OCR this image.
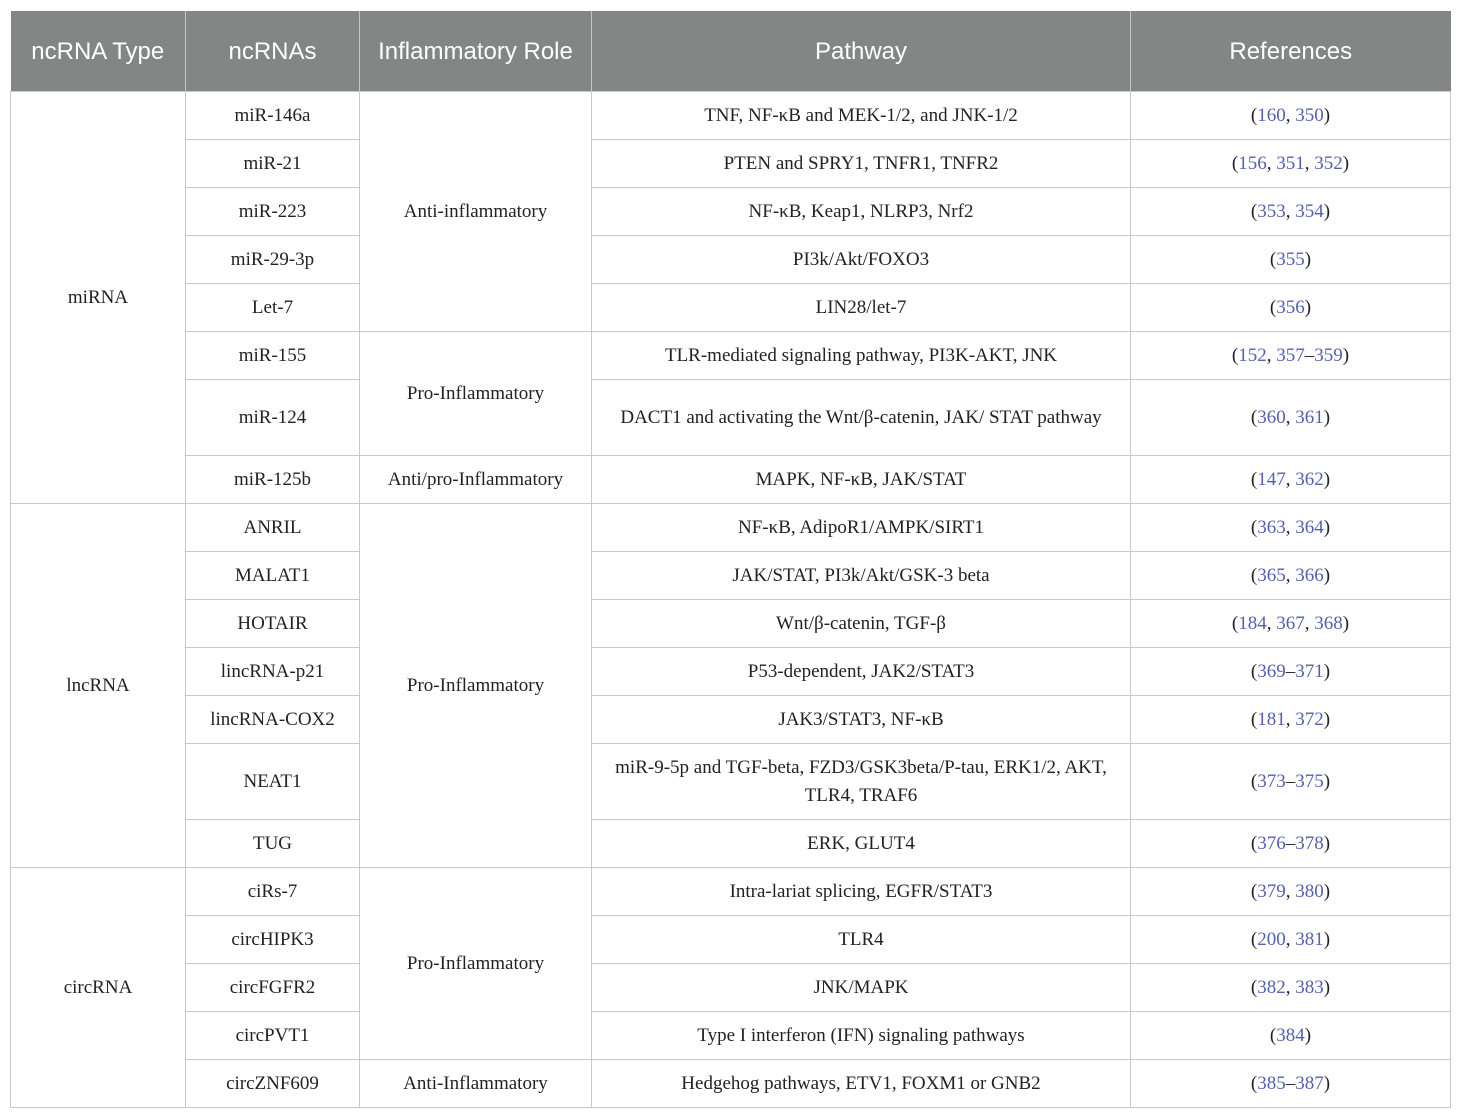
ncRNA Type	ncRNAs	Inflammatory Role	Pathway	References
miRNA	miR-146a	Anti-inflammatory	TNF, NF-κB and MEK-1/2, and JNK-1/2	(160, 350)
	miR-21		PTEN and SPRY1, TNFR1, TNFR2	(156, 351, 352)
	miR-223		NF-κB, Keap1, NLRP3, Nrf2	(353, 354)
	miR-29-3p		PI3k/Akt/FOXO3	(355)
	Let-7		LIN28/let-7	(356)
	miR-155	Pro-Inflammatory	TLR-mediated signaling pathway, PI3K-AKT, JNK	(152, 357–359)
	miR-124		DACT1 and activating the Wnt/β-catenin, JAK/ STAT pathway	(360, 361)
	miR-125b	Anti/pro-Inflammatory	MAPK, NF-κB, JAK/STAT	(147, 362)
lncRNA	ANRIL	Pro-Inflammatory	NF-κB, AdipoR1/AMPK/SIRT1	(363, 364)
	MALAT1		JAK/STAT, PI3k/Akt/GSK-3 beta	(365, 366)
	HOTAIR		Wnt/β-catenin, TGF-β	(184, 367, 368)
	lincRNA-p21		P53-dependent, JAK2/STAT3	(369–371)
	lincRNA-COX2		JAK3/STAT3, NF-κB	(181, 372)
	NEAT1		miR-9-5p and TGF-beta, FZD3/GSK3beta/P-tau, ERK1/2, AKT, TLR4, TRAF6	(373–375)
	TUG		ERK, GLUT4	(376–378)
circRNA	ciRs-7	Pro-Inflammatory	Intra-lariat splicing, EGFR/STAT3	(379, 380)
	circHIPK3		TLR4	(200, 381)
	circFGFR2		JNK/MAPK	(382, 383)
	circPVT1		Type I interferon (IFN) signaling pathways	(384)
	circZNF609	Anti-Inflammatory	Hedgehog pathways, ETV1, FOXM1 or GNB2	(385–387)
